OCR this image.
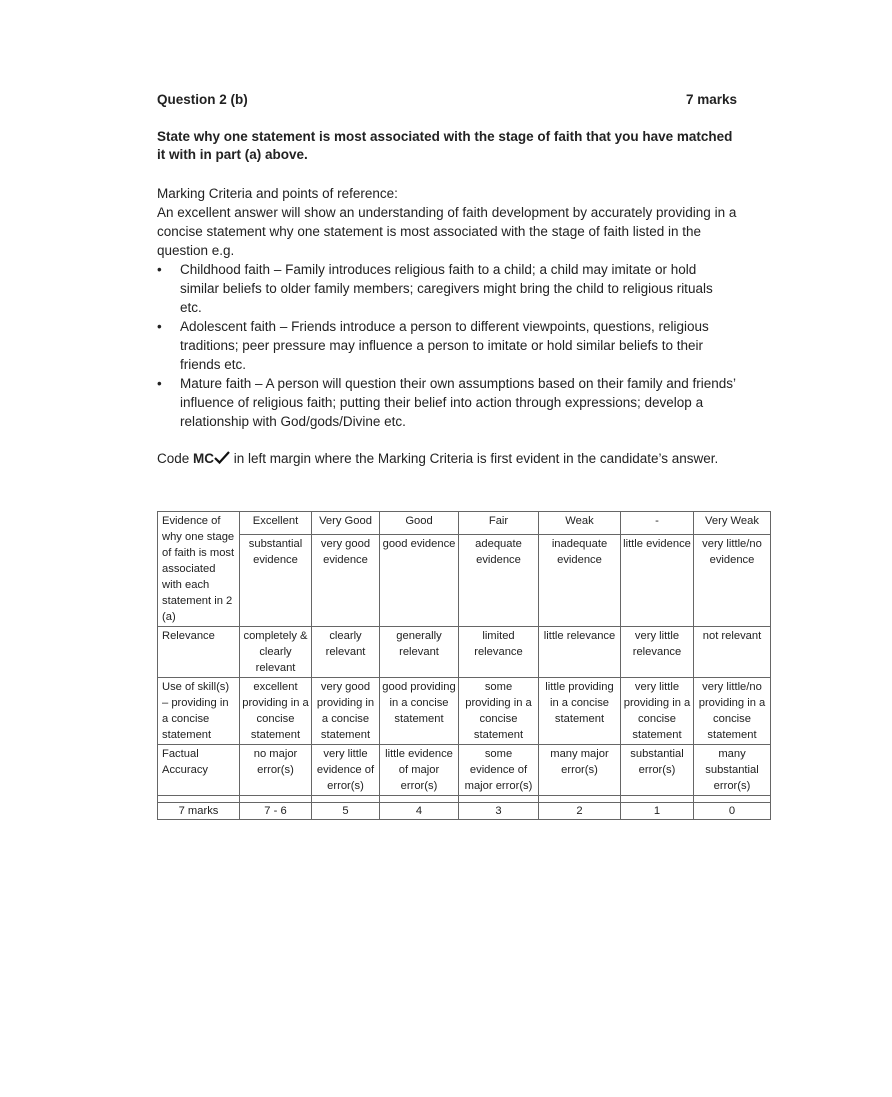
Question 2 (b)	7 marks
State why one statement is most associated with the stage of faith that you have matched it with in part (a) above.

Marking Criteria and points of reference:

An excellent answer will show an understanding of faith development by accurately providing in a concise statement why one statement is most associated with the stage of faith listed in the question e.g.

• Childhood faith – Family introduces religious faith to a child; a child may imitate or hold similar beliefs to older family members; caregivers might bring the child to religious rituals etc.
• Adolescent faith – Friends introduce a person to different viewpoints, questions, religious traditions; peer pressure may influence a person to imitate or hold similar beliefs to their friends etc.
• Mature faith – A person will question their own assumptions based on their family and friends’ influence of religious faith; putting their belief into action through expressions; develop a relationship with God/gods/Divine etc.
Code MC in left margin where the Marking Criteria is first evident in the candidate’s answer.
Evidence of why one stage of faith is most associated with each statement in 2 (a)	Excellent	Very Good	Good	Fair	Weak	-	Very Weak
	substantial evidence	very good evidence	good evidence	adequate evidence	inadequate evidence	little evidence	very little/no evidence
Relevance	completely & clearly relevant	clearly relevant	generally relevant	limited relevance	little relevance	very little relevance	not relevant
Use of skill(s) – providing in a concise statement	excellent providing in a concise statement	very good providing in a concise statement	good providing in a concise statement	some providing in a concise statement	little providing in a concise statement	very little providing in a concise statement	very little/no providing in a concise statement
Factual Accuracy	no major error(s)	very little evidence of error(s)	little evidence of major error(s)	some evidence of major error(s)	many major error(s)	substantial error(s)	many substantial error(s)

7 marks	7 - 6	5	4	3	2	1	0
